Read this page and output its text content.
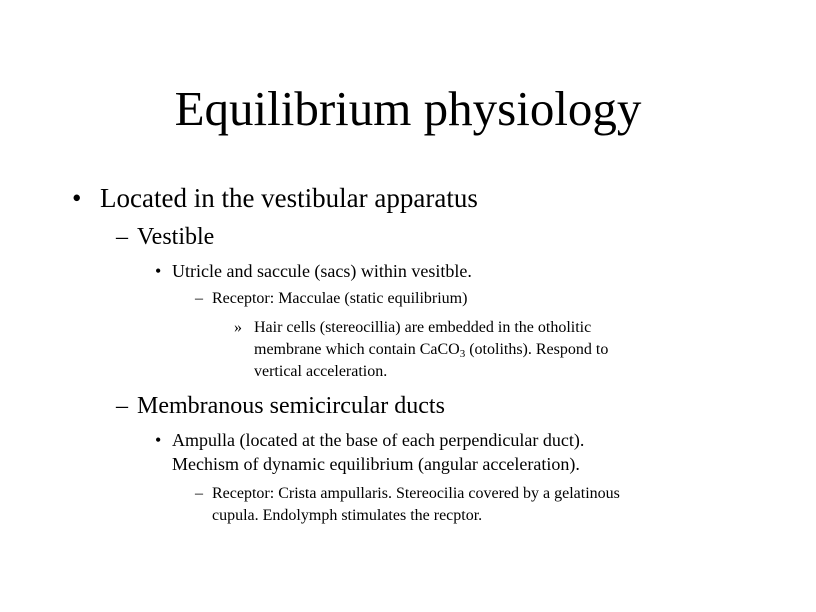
Equilibrium physiology
• Located in the vestibular apparatus
– Vestible
• Utricle and saccule (sacs) within vesitble.
– Receptor: Macculae (static equilibrium)
» Hair cells (stereocillia) are embedded in the otholitic
membrane which contain CaCO$_3$ (otoliths). Respond to
vertical acceleration.
– Membranous semicircular ducts
• Ampulla (located at the base of each perpendicular duct).
Mechism of dynamic equilibrium (angular acceleration).
– Receptor: Crista ampullaris. Stereocilia covered by a gelatinous
cupula. Endolymph stimulates the recptor.
